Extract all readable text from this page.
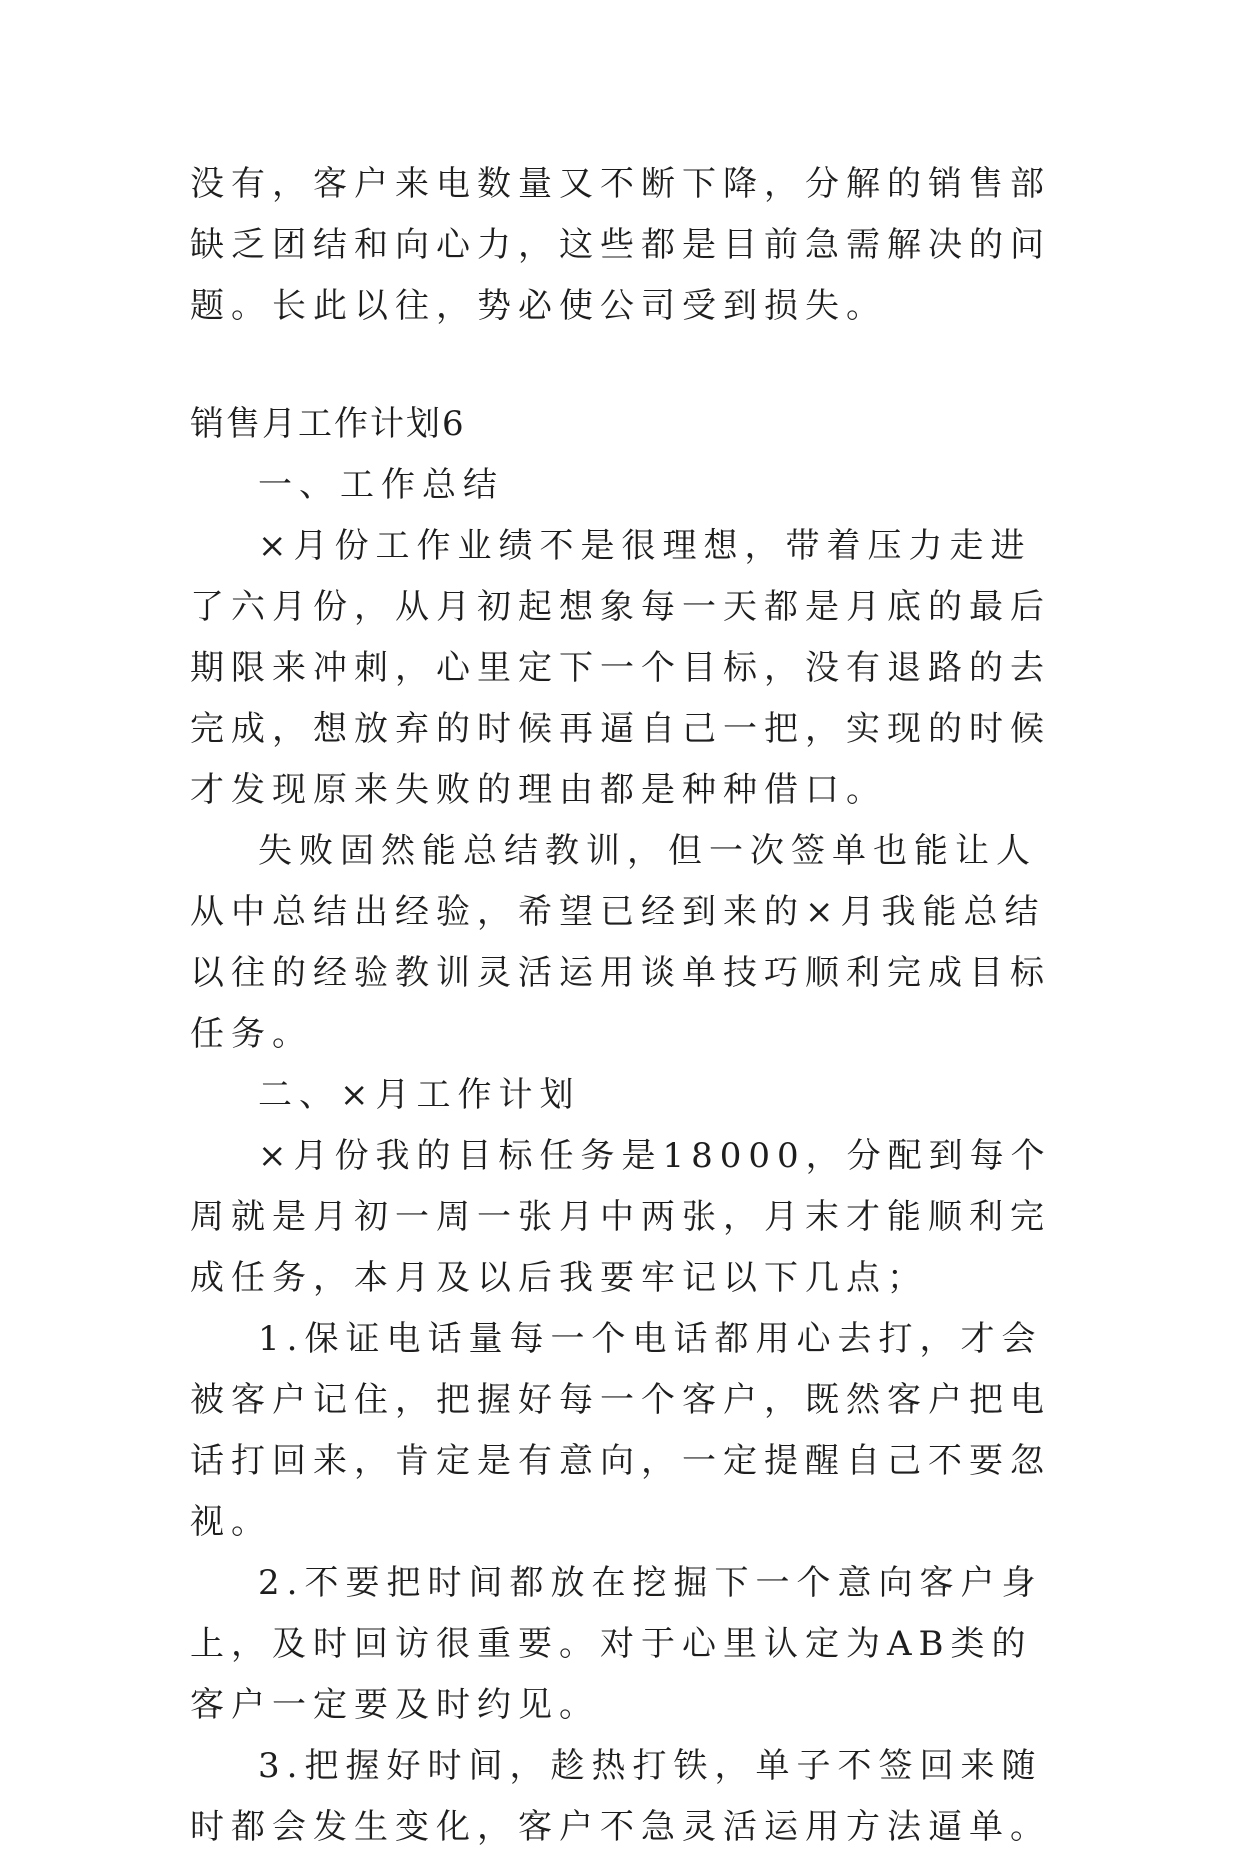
没有，客户来电数量又不断下降，分解的销售部缺乏团结和向心力，这些都是目前急需解决的问题。长此以往，势必使公司受到损失。

销售月工作计划6

一、工作总结

×月份工作业绩不是很理想，带着压力走进了六月份，从月初起想象每一天都是月底的最后期限来冲刺，心里定下一个目标，没有退路的去完成，想放弃的时候再逼自己一把，实现的时候才发现原来失败的理由都是种种借口。

失败固然能总结教训，但一次签单也能让人从中总结出经验，希望已经到来的×月我能总结以往的经验教训灵活运用谈单技巧顺利完成目标任务。

二、×月工作计划

×月份我的目标任务是18000，分配到每个周就是月初一周一张月中两张，月末才能顺利完成任务，本月及以后我要牢记以下几点；

1.保证电话量每一个电话都用心去打，才会被客户记住，把握好每一个客户，既然客户把电话打回来，肯定是有意向，一定提醒自己不要忽视。

2.不要把时间都放在挖掘下一个意向客户身上，及时回访很重要。对于心里认定为AB类的客户一定要及时约见。

3.把握好时间，趁热打铁，单子不签回来随时都会发生变化，客户不急灵活运用方法逼单。
